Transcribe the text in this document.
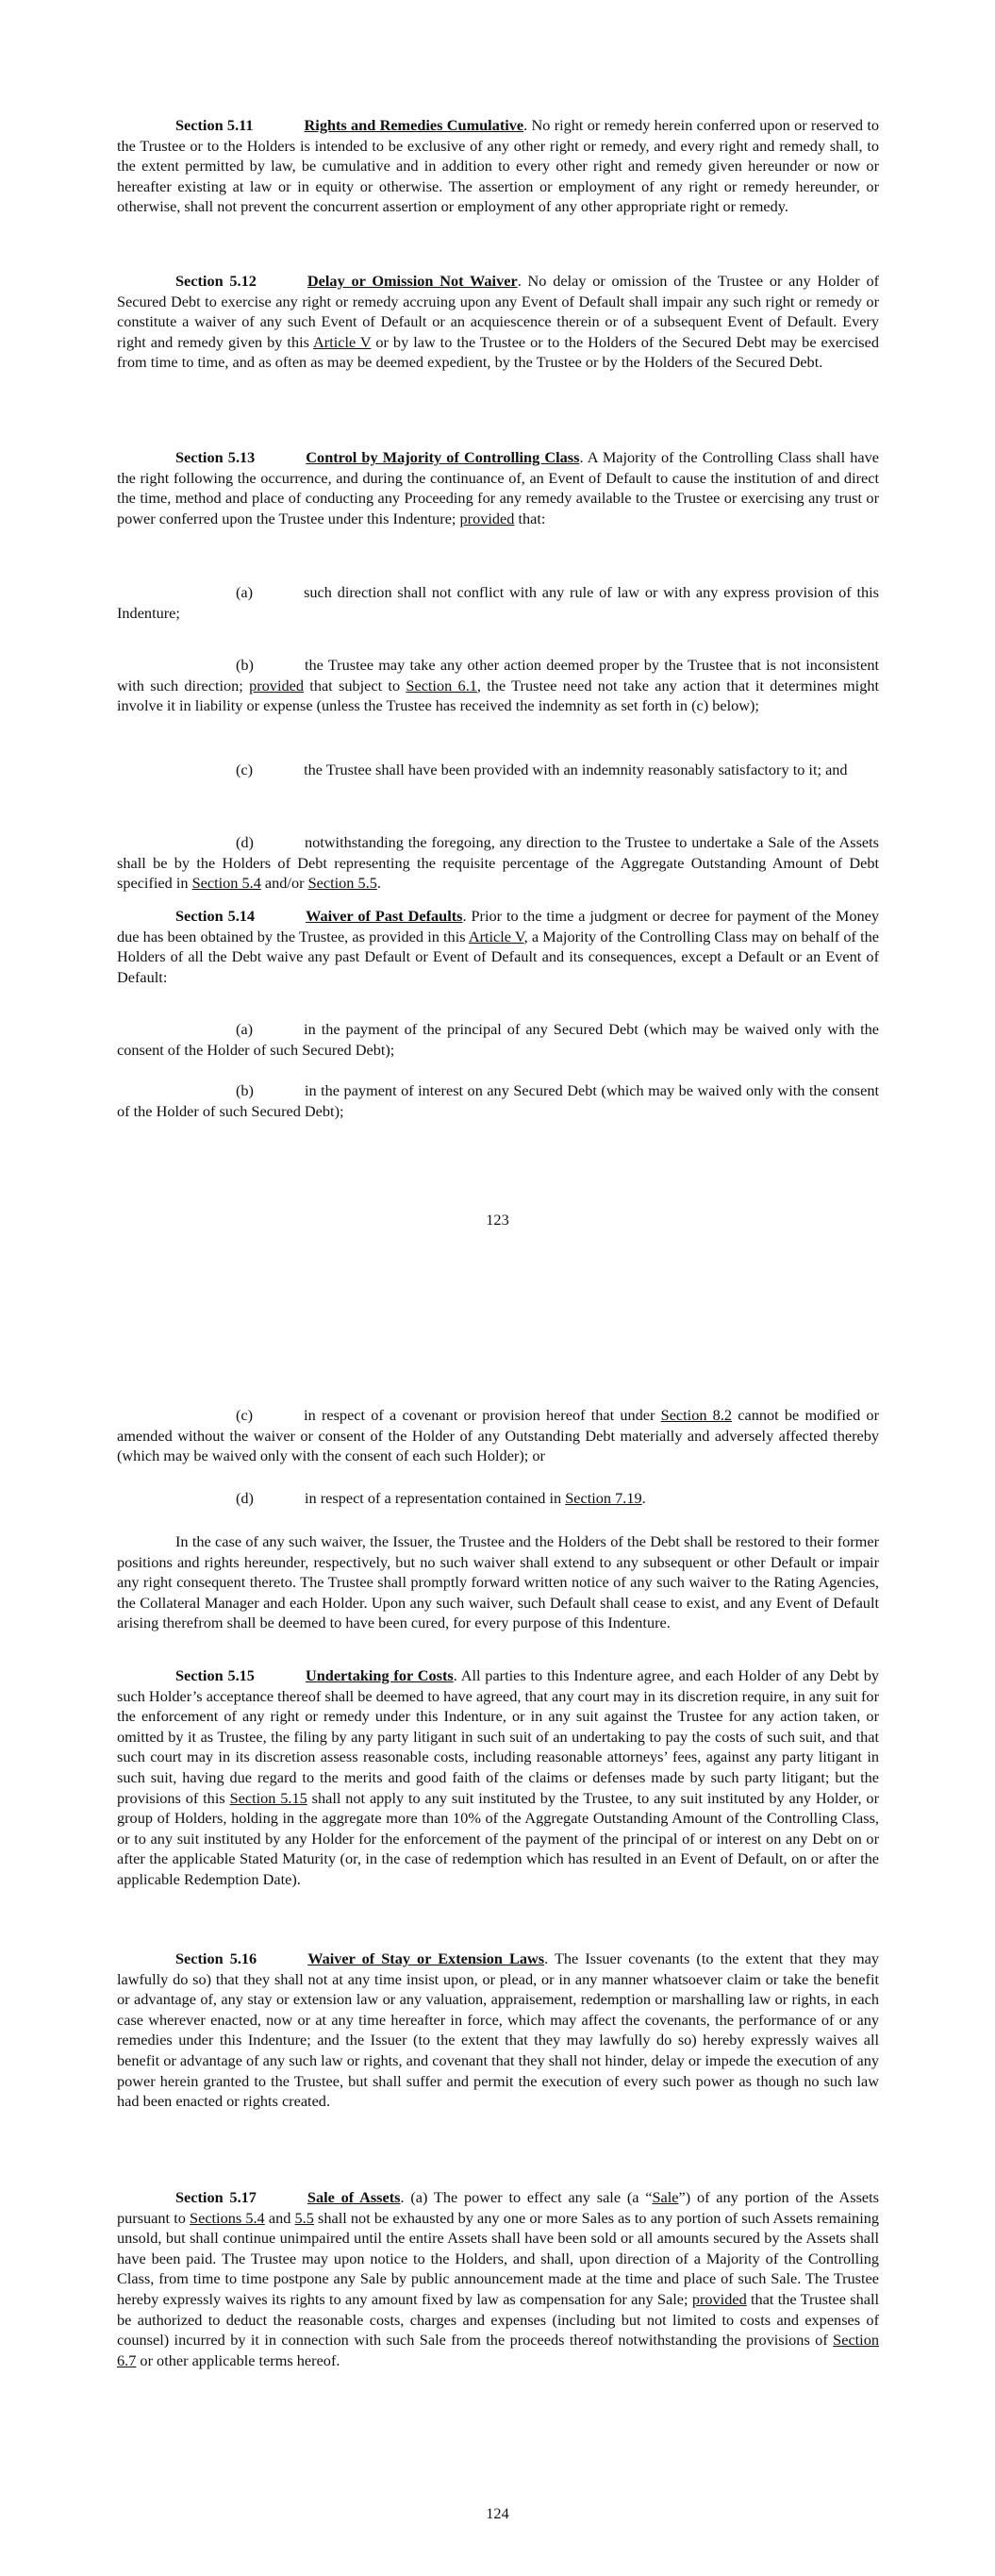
Section 5.11	Rights and Remedies Cumulative. No right or remedy herein conferred upon or reserved to the Trustee or to the Holders is intended to be exclusive of any other right or remedy, and every right and remedy shall, to the extent permitted by law, be cumulative and in addition to every other right and remedy given hereunder or now or hereafter existing at law or in equity or otherwise. The assertion or employment of any right or remedy hereunder, or otherwise, shall not prevent the concurrent assertion or employment of any other appropriate right or remedy.

Section 5.12	Delay or Omission Not Waiver. No delay or omission of the Trustee or any Holder of Secured Debt to exercise any right or remedy accruing upon any Event of Default shall impair any such right or remedy or constitute a waiver of any such Event of Default or an acquiescence therein or of a subsequent Event of Default. Every right and remedy given by this Article V or by law to the Trustee or to the Holders of the Secured Debt may be exercised from time to time, and as often as may be deemed expedient, by the Trustee or by the Holders of the Secured Debt.

Section 5.13	Control by Majority of Controlling Class. A Majority of the Controlling Class shall have the right following the occurrence, and during the continuance of, an Event of Default to cause the institution of and direct the time, method and place of conducting any Proceeding for any remedy available to the Trustee or exercising any trust or power conferred upon the Trustee under this Indenture; provided that:

(a)	such direction shall not conflict with any rule of law or with any express provision of this Indenture;

(b)	the Trustee may take any other action deemed proper by the Trustee that is not inconsistent with such direction; provided that subject to Section 6.1, the Trustee need not take any action that it determines might involve it in liability or expense (unless the Trustee has received the indemnity as set forth in (c) below);

(c)	the Trustee shall have been provided with an indemnity reasonably satisfactory to it; and

(d)	notwithstanding the foregoing, any direction to the Trustee to undertake a Sale of the Assets shall be by the Holders of Debt representing the requisite percentage of the Aggregate Outstanding Amount of Debt specified in Section 5.4 and/or Section 5.5.

Section 5.14	Waiver of Past Defaults. Prior to the time a judgment or decree for payment of the Money due has been obtained by the Trustee, as provided in this Article V, a Majority of the Controlling Class may on behalf of the Holders of all the Debt waive any past Default or Event of Default and its consequences, except a Default or an Event of Default:

(a)	in the payment of the principal of any Secured Debt (which may be waived only with the consent of the Holder of such Secured Debt);

(b)	in the payment of interest on any Secured Debt (which may be waived only with the consent of the Holder of such Secured Debt);

123

(c)	in respect of a covenant or provision hereof that under Section 8.2 cannot be modified or amended without the waiver or consent of the Holder of any Outstanding Debt materially and adversely affected thereby (which may be waived only with the consent of each such Holder); or

(d)	in respect of a representation contained in Section 7.19.

In the case of any such waiver, the Issuer, the Trustee and the Holders of the Debt shall be restored to their former positions and rights hereunder, respectively, but no such waiver shall extend to any subsequent or other Default or impair any right consequent thereto. The Trustee shall promptly forward written notice of any such waiver to the Rating Agencies, the Collateral Manager and each Holder. Upon any such waiver, such Default shall cease to exist, and any Event of Default arising therefrom shall be deemed to have been cured, for every purpose of this Indenture.

Section 5.15	Undertaking for Costs. All parties to this Indenture agree, and each Holder of any Debt by such Holder’s acceptance thereof shall be deemed to have agreed, that any court may in its discretion require, in any suit for the enforcement of any right or remedy under this Indenture, or in any suit against the Trustee for any action taken, or omitted by it as Trustee, the filing by any party litigant in such suit of an undertaking to pay the costs of such suit, and that such court may in its discretion assess reasonable costs, including reasonable attorneys’ fees, against any party litigant in such suit, having due regard to the merits and good faith of the claims or defenses made by such party litigant; but the provisions of this Section 5.15 shall not apply to any suit instituted by the Trustee, to any suit instituted by any Holder, or group of Holders, holding in the aggregate more than 10% of the Aggregate Outstanding Amount of the Controlling Class, or to any suit instituted by any Holder for the enforcement of the payment of the principal of or interest on any Debt on or after the applicable Stated Maturity (or, in the case of redemption which has resulted in an Event of Default, on or after the applicable Redemption Date).

Section 5.16	Waiver of Stay or Extension Laws. The Issuer covenants (to the extent that they may lawfully do so) that they shall not at any time insist upon, or plead, or in any manner whatsoever claim or take the benefit or advantage of, any stay or extension law or any valuation, appraisement, redemption or marshalling law or rights, in each case wherever enacted, now or at any time hereafter in force, which may affect the covenants, the performance of or any remedies under this Indenture; and the Issuer (to the extent that they may lawfully do so) hereby expressly waives all benefit or advantage of any such law or rights, and covenant that they shall not hinder, delay or impede the execution of any power herein granted to the Trustee, but shall suffer and permit the execution of every such power as though no such law had been enacted or rights created.

Section 5.17	Sale of Assets. (a) The power to effect any sale (a “Sale”) of any portion of the Assets pursuant to Sections 5.4 and 5.5 shall not be exhausted by any one or more Sales as to any portion of such Assets remaining unsold, but shall continue unimpaired until the entire Assets shall have been sold or all amounts secured by the Assets shall have been paid. The Trustee may upon notice to the Holders, and shall, upon direction of a Majority of the Controlling Class, from time to time postpone any Sale by public announcement made at the time and place of such Sale. The Trustee hereby expressly waives its rights to any amount fixed by law as compensation for any Sale; provided that the Trustee shall be authorized to deduct the reasonable costs, charges and expenses (including but not limited to costs and expenses of counsel) incurred by it in connection with such Sale from the proceeds thereof notwithstanding the provisions of Section 6.7 or other applicable terms hereof.

124
